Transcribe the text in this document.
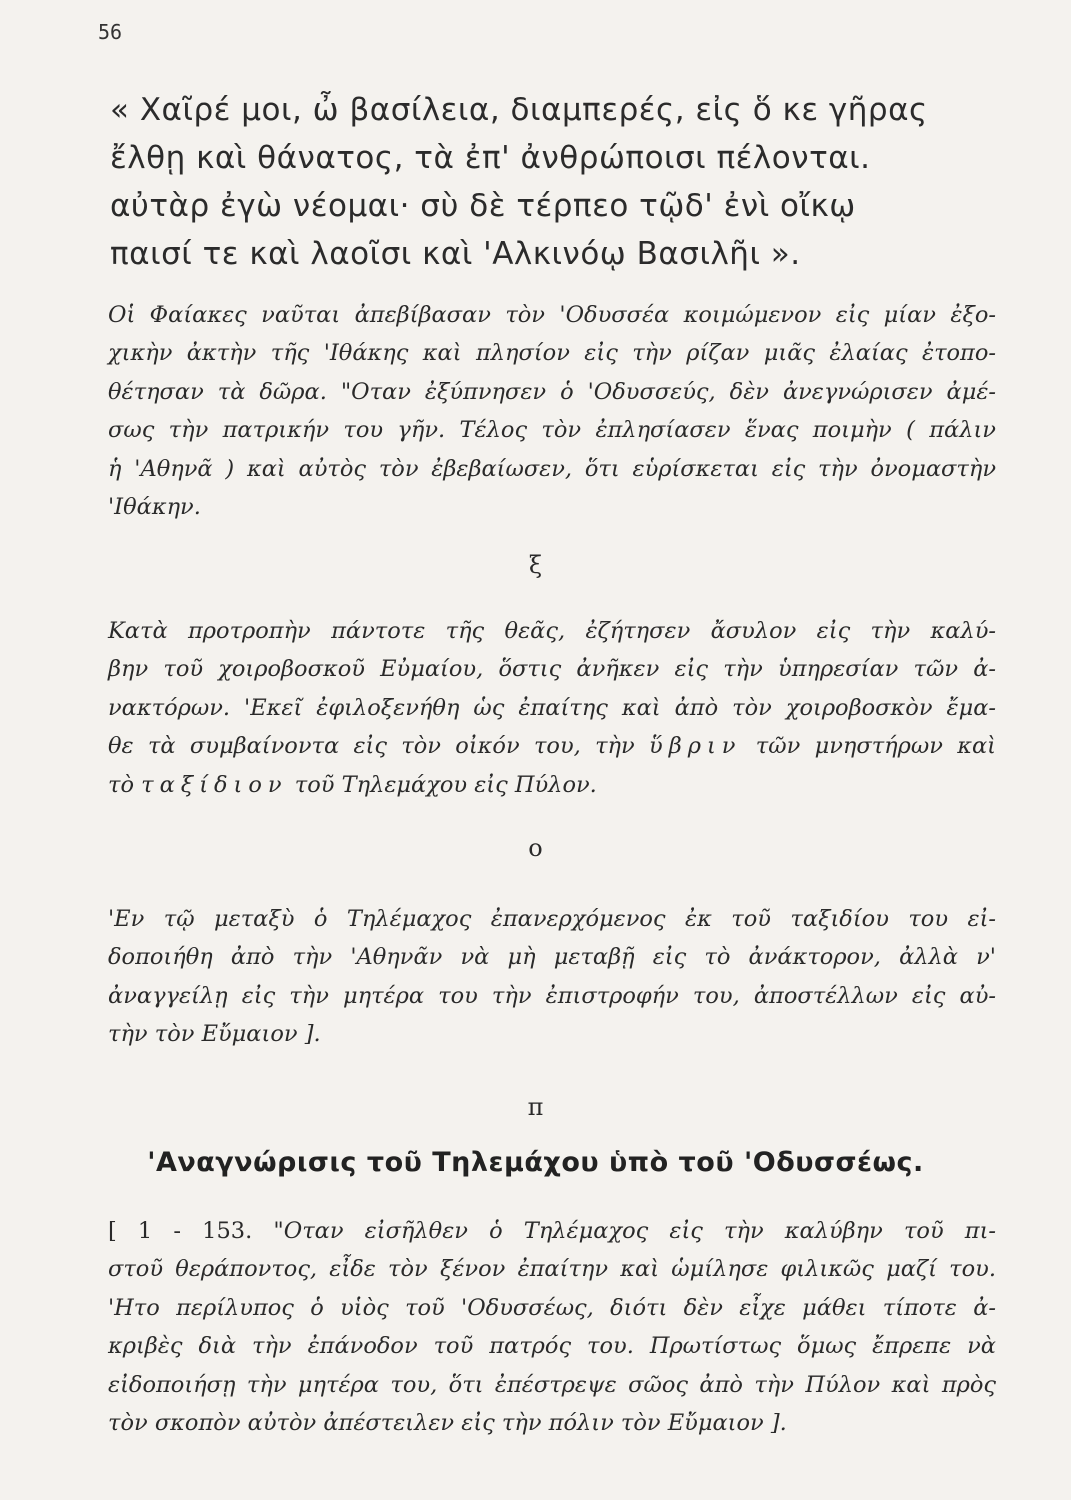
56
« Χαῖρέ μοι, ὦ βασίλεια, διαμπερές, εἰς ὅ κε γῆρας
ἔλθῃ καὶ θάνατος, τὰ ἐπ' ἀνθρώποισι πέλονται.
αὐτὰρ ἐγὼ νέομαι· σὺ δὲ τέρπεο τῷδ' ἐνὶ οἴκῳ
παισί τε καὶ λαοῖσι καὶ 'Αλκινόῳ Βασιλῆι ».
Οἱ Φαίακες ναῦται ἀπεβίβασαν τὸν 'Οδυσσέα κοιμώμενον εἰς μίαν ἐξο-
χικὴν ἀκτὴν τῆς 'Ιθάκης καὶ πλησίον εἰς τὴν ρίζαν μιᾶς ἐλαίας ἐτοπο-
θέτησαν τὰ δῶρα. "Οταν ἐξύπνησεν ὁ 'Οδυσσεύς, δὲν ἀνεγνώρισεν ἀμέ-
σως τὴν πατρικήν του γῆν. Τέλος τὸν ἐπλησίασεν ἕνας ποιμὴν ( πάλιν
ἡ 'Αθηνᾶ ) καὶ αὐτὸς τὸν ἐβεβαίωσεν, ὅτι εὑρίσκεται εἰς τὴν ὀνομαστὴν
'Ιθάκην.
ξ
Κατὰ προτροπὴν πάντοτε τῆς θεᾶς, ἐζήτησεν ἄσυλον εἰς τὴν καλύ-
βην τοῦ χοιροβοσκοῦ Εὐμαίου, ὅστις ἀνῆκεν εἰς τὴν ὑπηρεσίαν τῶν ἀ-
νακτόρων. 'Εκεῖ ἐφιλοξενήθη ὡς ἐπαίτης καὶ ἀπὸ τὸν χοιροβοσκὸν ἔμα-
θε τὰ συμβαίνοντα εἰς τὸν οἰκόν του, τὴν ὕβριν τῶν μνηστήρων καὶ
τὸ ταξίδιον τοῦ Τηλεμάχου εἰς Πύλον.
ο
'Εν τῷ μεταξὺ ὁ Τηλέμαχος ἐπανερχόμενος ἐκ τοῦ ταξιδίου του εἰ-
δοποιήθη ἀπὸ τὴν 'Αθηνᾶν νὰ μὴ μεταβῇ εἰς τὸ ἀνάκτορον, ἀλλὰ ν'
ἀναγγείλῃ εἰς τὴν μητέρα του τὴν ἐπιστροφήν του, ἀποστέλλων εἰς αὐ-
τὴν τὸν Εὔμαιον ].
π
'Αναγνώρισις τοῦ Τηλεμάχου ὑπὸ τοῦ 'Οδυσσέως.
[ 1 - 153. "Οταν εἰσῆλθεν ὁ Τηλέμαχος εἰς τὴν καλύβην τοῦ πι-
στοῦ θεράποντος, εἶδε τὸν ξένον ἐπαίτην καὶ ὡμίλησε φιλικῶς μαζί του.
'Ητο περίλυπος ὁ υἱὸς τοῦ 'Οδυσσέως, διότι δὲν εἶχε μάθει τίποτε ἀ-
κριβὲς διὰ τὴν ἐπάνοδον τοῦ πατρός του. Πρωτίστως ὅμως ἔπρεπε νὰ
εἰδοποιήσῃ τὴν μητέρα του, ὅτι ἐπέστρεψε σῶος ἀπὸ τὴν Πύλον καὶ πρὸς
τὸν σκοπὸν αὐτὸν ἀπέστειλεν εἰς τὴν πόλιν τὸν Εὔμαιον ].
